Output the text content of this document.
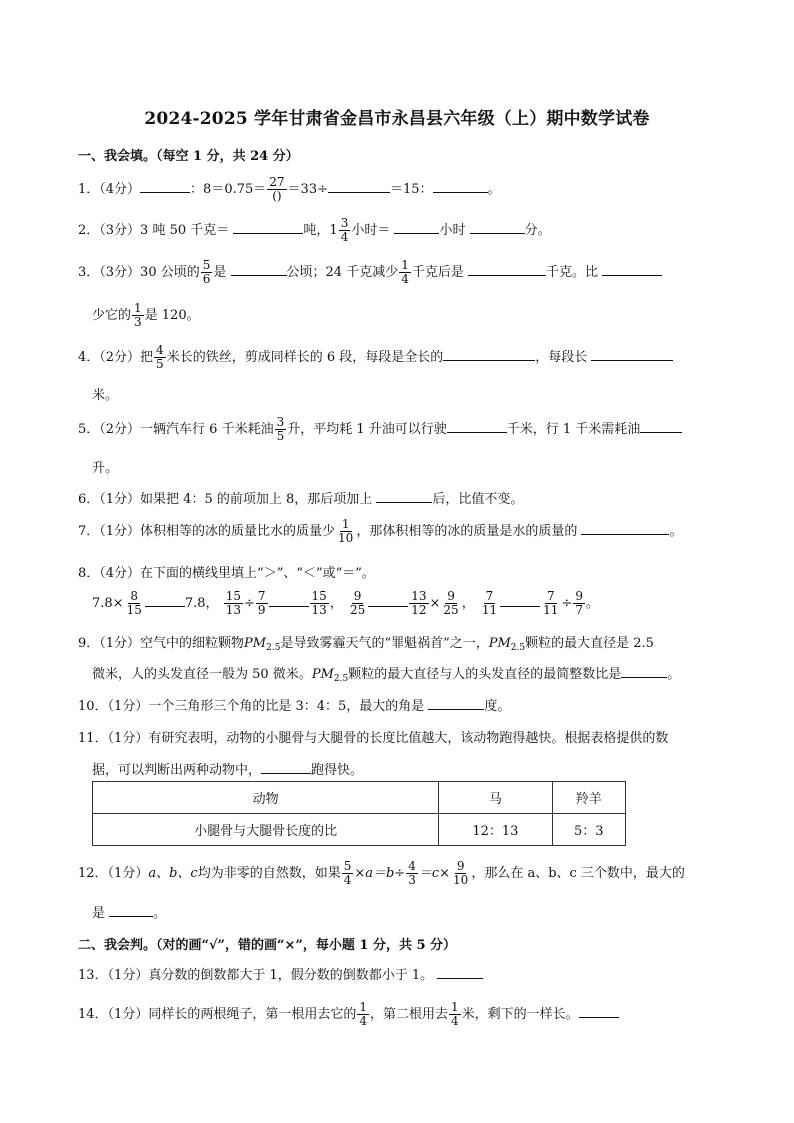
2024-2025 学年甘肃省金昌市永昌县六年级（上）期中数学试卷
一、我会填。（每空 1 分，共 24 分）
1．（4分）	：$8=0.75= \frac{27}{()} =33\div$	＝15：	。
2．（3分）3 吨 50 千克＝	吨，$1 \frac{3}{4}$ 小时＝	小时	分。
3．（3分）30 公顷的 $\frac{5}{6}$ 是	公顷；24 千克减少 $\frac{1}{4}$ 千克后是	千克。比
少它的 $\frac{1}{3}$ 是 120。
4．（2分）把 $\frac{4}{5}$ 米长的铁丝，剪成同样长的 6 段，每段是全长的	，每段长
米。
5．（2分）一辆汽车行 6 千米耗油 $\frac{3}{5}$ 升，平均耗 1 升油可以行驶	千米，行 1 千米需耗油
升。
6．（1分）如果把 4：5 的前项加上 8，那后项加上	后，比值不变。
7．（1分）体积相等的冰的质量比水的质量少 $\frac{1}{10}$ ，那体积相等的冰的质量是水的质量的	。
8．（4分）在下面的横线里填上“＞”、“＜”或“＝”。
$7.8\times \frac{8}{15}$	7.8， $\frac{15}{13} \div \frac{7}{9}$	$\frac{15}{13}$ ， $\frac{9}{25}$	$\frac{13}{12} \times \frac{9}{25}$ ， $\frac{7}{11}$	$\frac{7}{11} \div \frac{9}{7}$ 。
9．（1分）空气中的细粒颗物$PM_{2.5}$是导致雾霾天气的“罪魁祸首”之一，$PM_{2.5}$颗粒的最大直径是 2.5
微米，人的头发直径一般为 50 微米。$PM_{2.5}$颗粒的最大直径与人的头发直径的最简整数比是	。
10．（1分）一个三角形三个角的比是 3：4：5，最大的角是	度。
11．（1分）有研究表明，动物的小腿骨与大腿骨的长度比值越大，该动物跑得越快。根据表格提供的数
据，可以判断出两种动物中，	跑得快。
动物	马	羚羊
小腿骨与大腿骨长度的比	12：13	5：3
12．（1分）a、b、c均为非零的自然数，如果 $\frac{5}{4} \times a=b\div \frac{4}{3} =c\times \frac{9}{10}$ ，那么在 a、b、c 三个数中，最大的
是	。
二、我会判。（对的画“√”，错的画“×”，每小题 1 分，共 5 分）
13．（1分）真分数的倒数都大于 1，假分数的倒数都小于 1。
14．（1分）同样长的两根绳子，第一根用去它的 $\frac{1}{4}$ ，第二根用去 $\frac{1}{4}$ 米，剩下的一样长。
